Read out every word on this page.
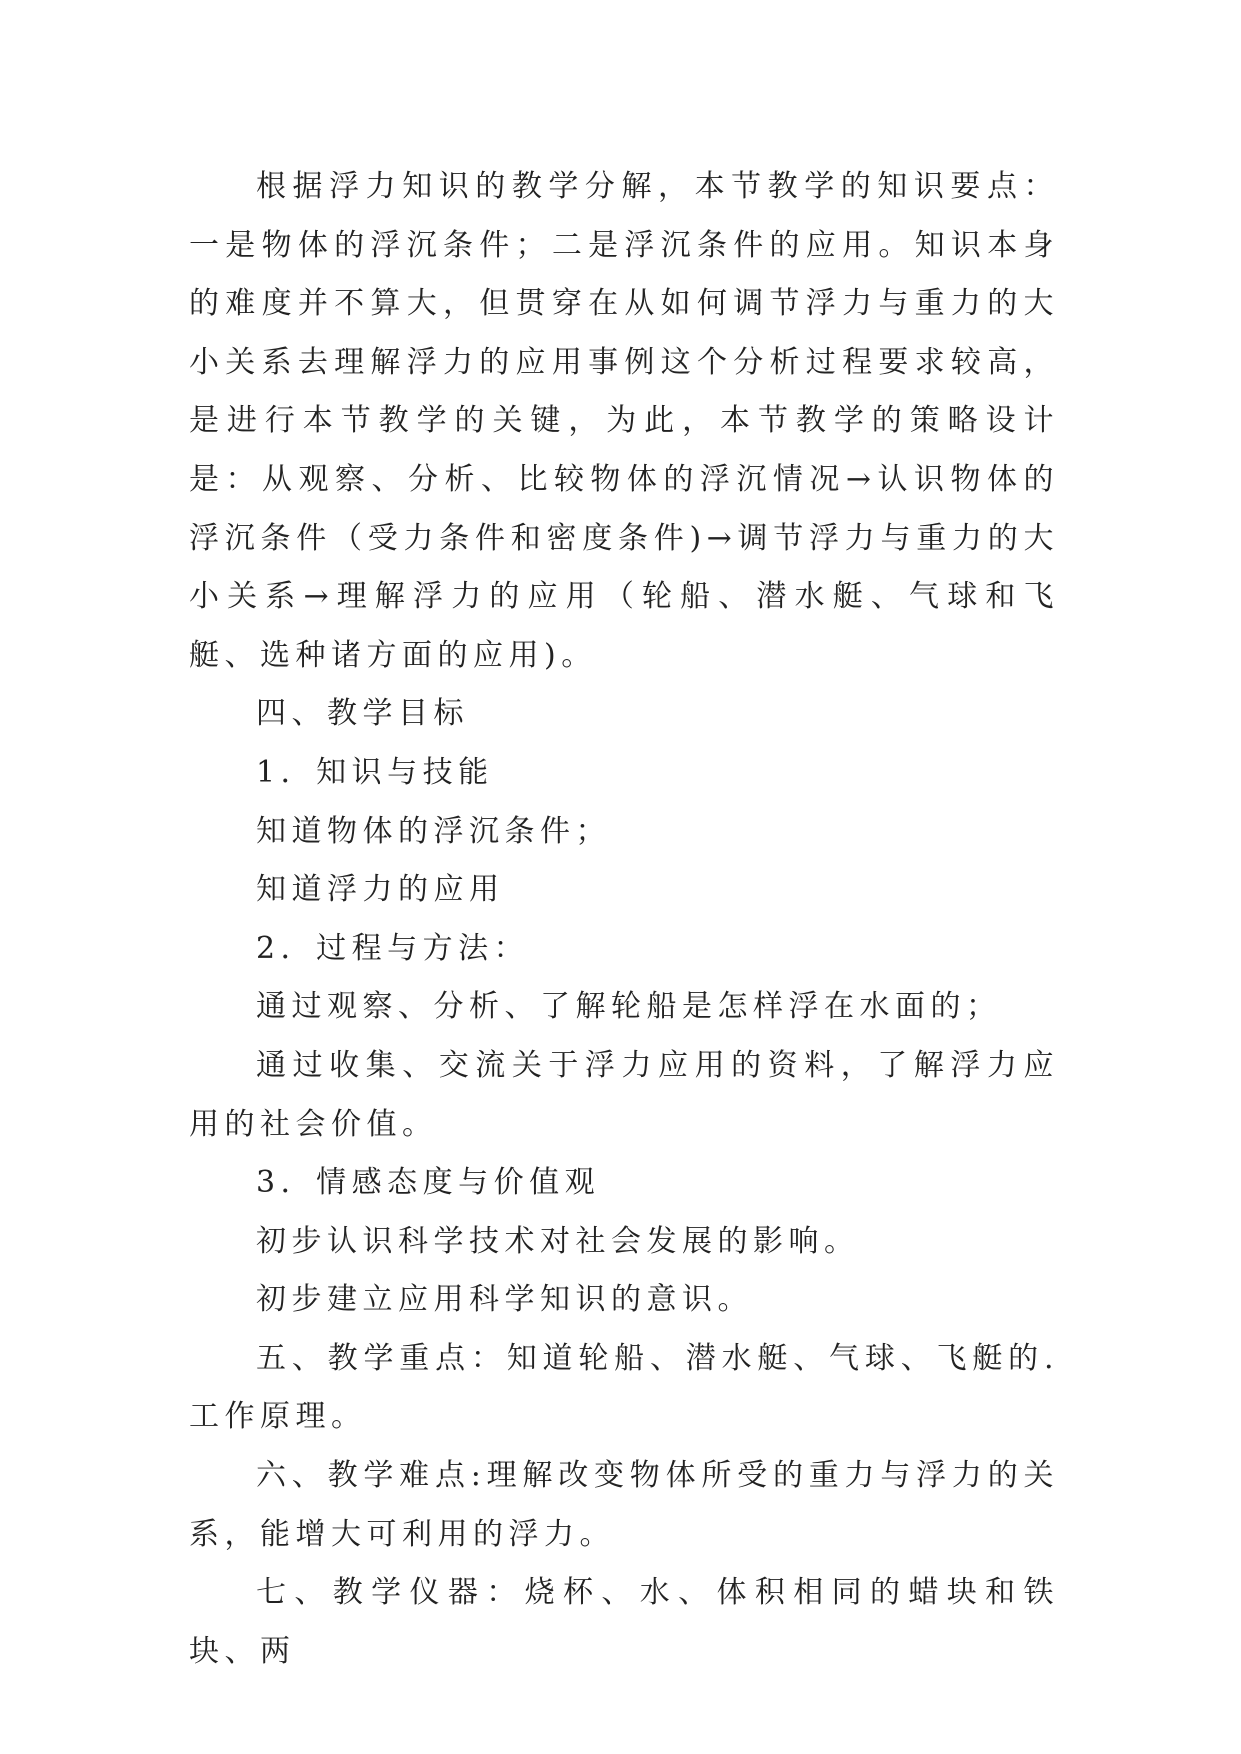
根据浮力知识的教学分解，本节教学的知识要点：一是物体的浮沉条件；二是浮沉条件的应用。知识本身的难度并不算大，但贯穿在从如何调节浮力与重力的大小关系去理解浮力的应用事例这个分析过程要求较高，是进行本节教学的关键，为此，本节教学的策略设计是：从观察、分析、比较物体的浮沉情况→认识物体的浮沉条件（受力条件和密度条件)→调节浮力与重力的大小关系→理解浮力的应用（轮船、潜水艇、气球和飞艇、选种诸方面的应用)。

四、教学目标

1．知识与技能

知道物体的浮沉条件；

知道浮力的应用

2．过程与方法：

通过观察、分析、了解轮船是怎样浮在水面的；

通过收集、交流关于浮力应用的资料，了解浮力应用的社会价值。

3．情感态度与价值观

初步认识科学技术对社会发展的影响。

初步建立应用科学知识的意识。

五、教学重点：知道轮船、潜水艇、气球、飞艇的.工作原理。

六、教学难点:理解改变物体所受的重力与浮力的关系，能增大可利用的浮力。

七、教学仪器：烧杯、水、体积相同的蜡块和铁块、两
